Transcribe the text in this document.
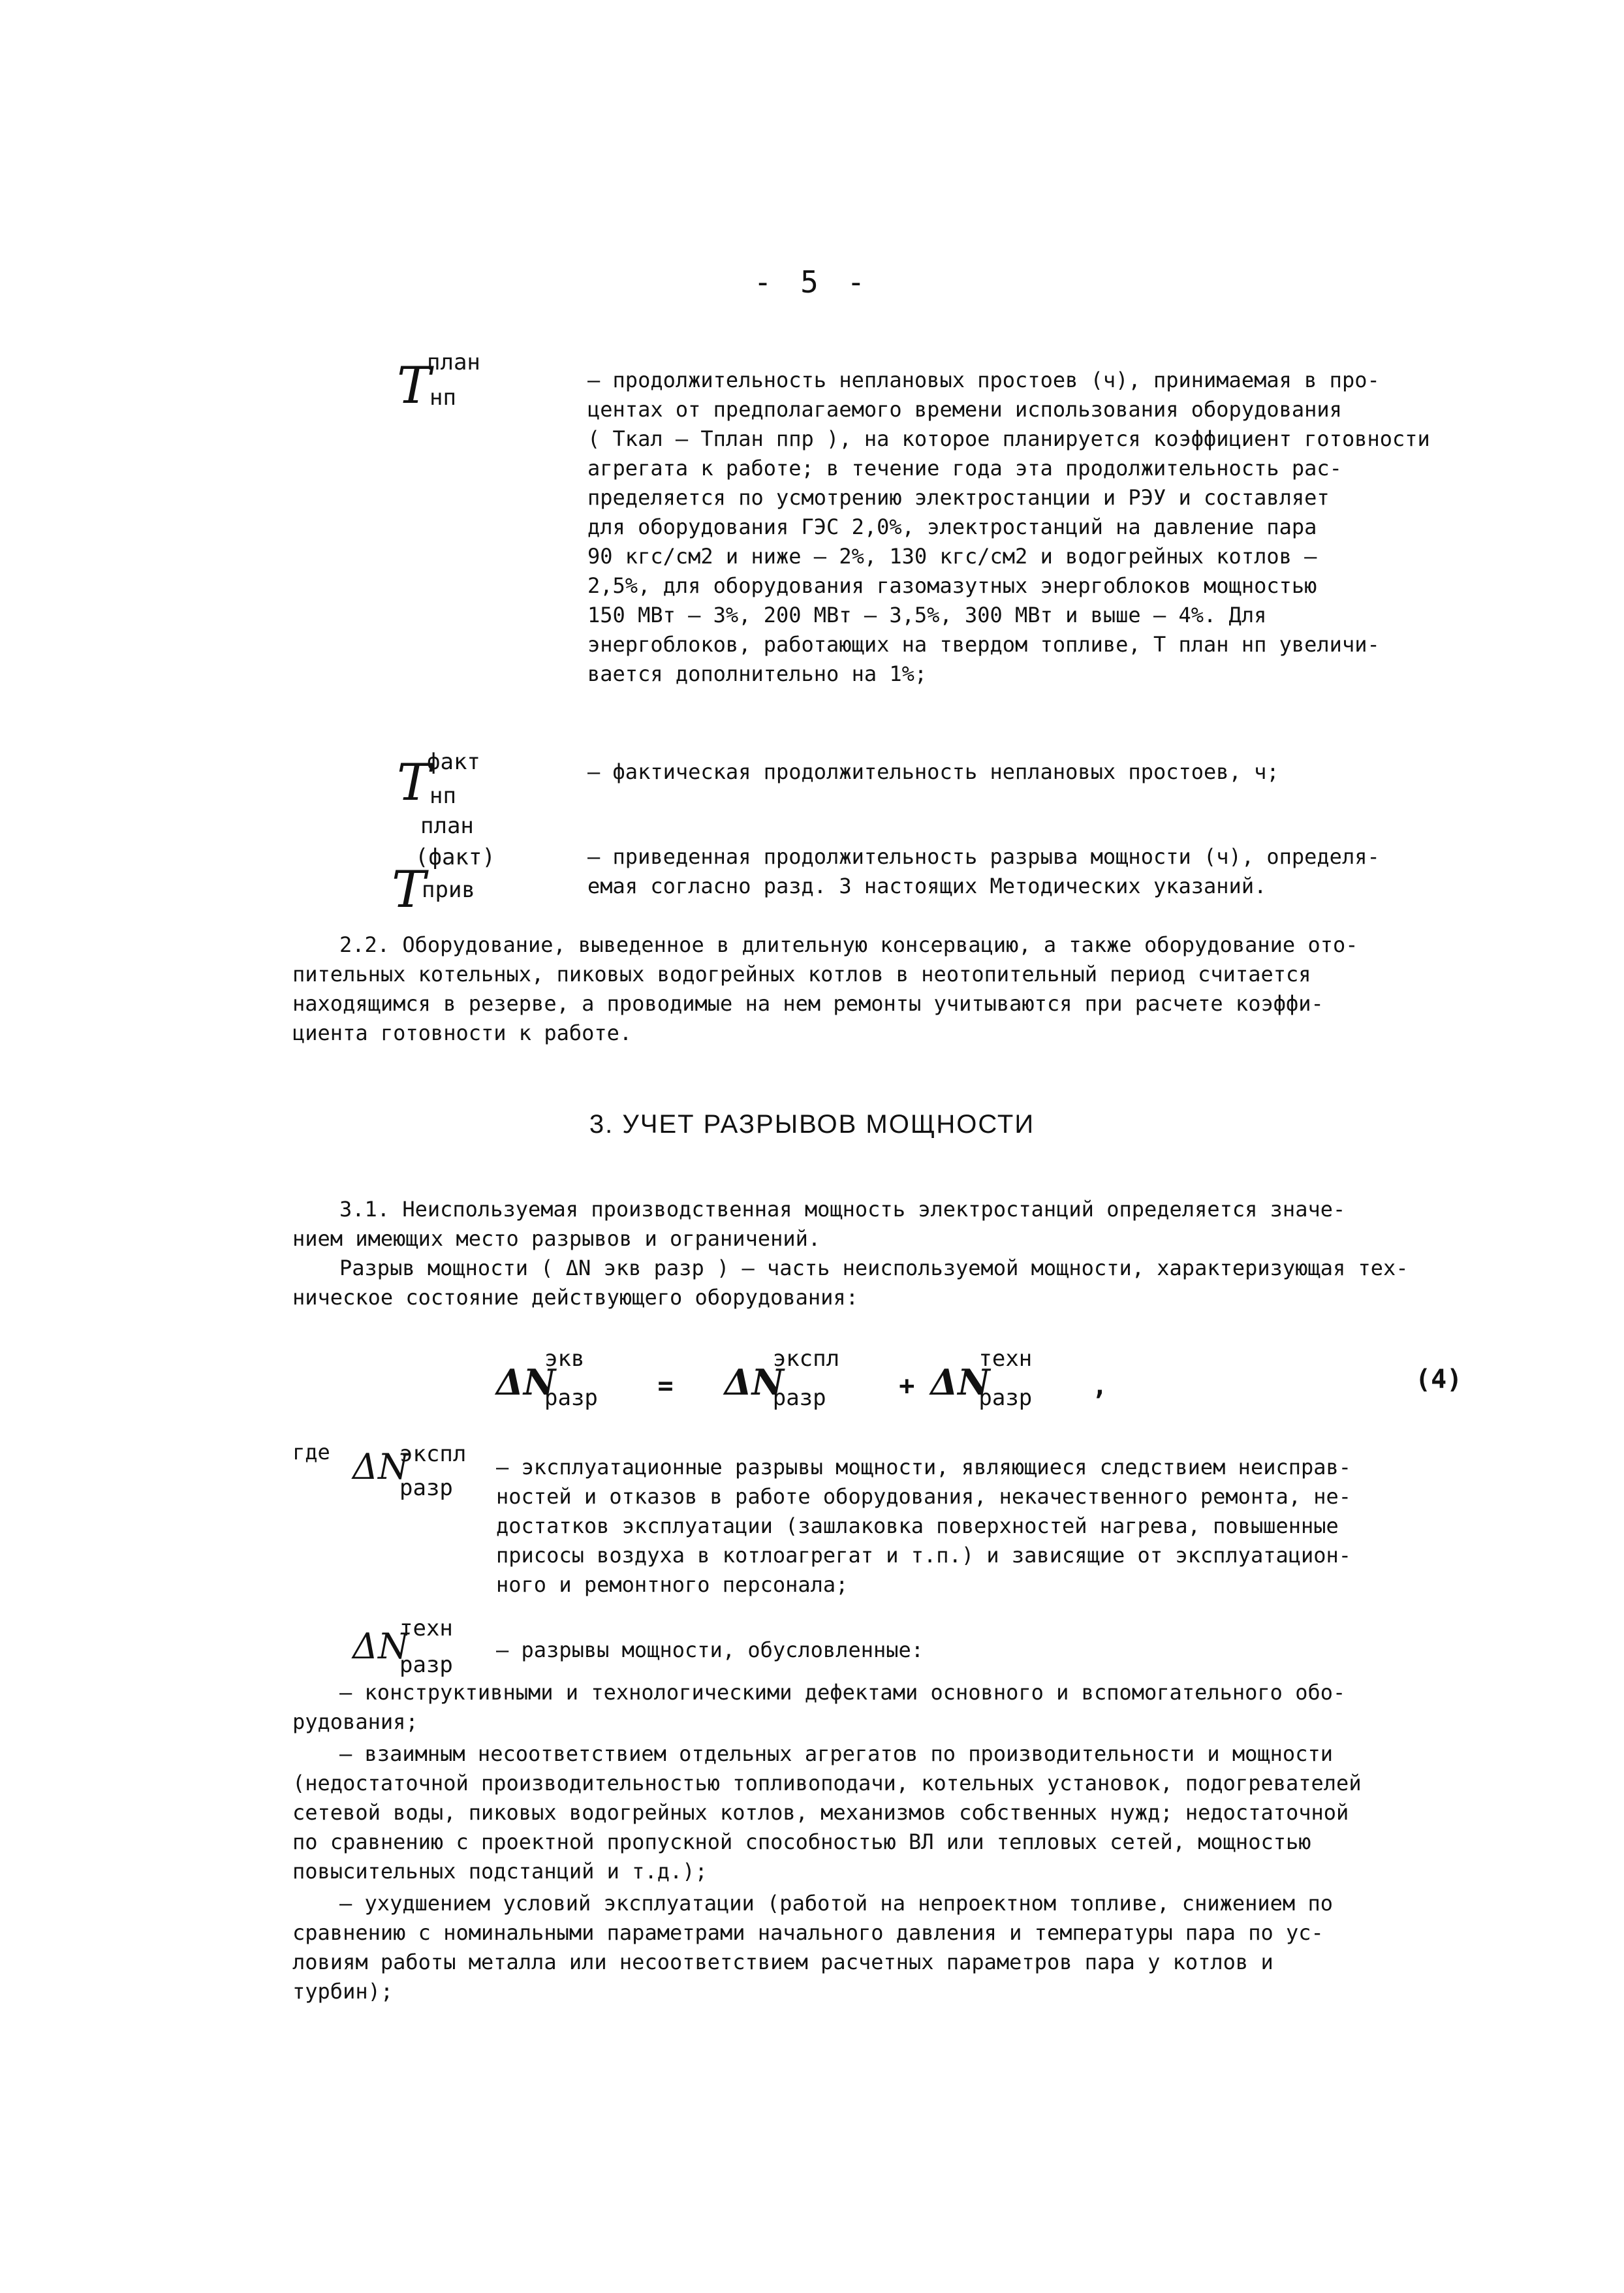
- 5 -
T
план
нп
– продолжительность неплановых простоев (ч), принимаемая в про-
центах от предполагаемого времени использования оборудования
( Tкал – Tплан ппр ), на которое планируется коэффициент готовности
агрегата к работе; в течение года эта продолжительность рас-
пределяется по усмотрению электростанции и РЭУ и составляет
для оборудования ГЭС 2,0%, электростанций на давление пара
90 кгс/см2 и ниже — 2%, 130 кгс/см2 и водогрейных котлов —
2,5%, для оборудования газомазутных энергоблоков мощностью
150 МВт — 3%, 200 МВт — 3,5%, 300 МВт и выше — 4%. Для
энергоблоков, работающих на твердом топливе, T план нп увеличи-
вается дополнительно на 1%;
T
факт
нп
– фактическая продолжительность неплановых простоев, ч;
план
(факт)
T
прив
– приведенная продолжительность разрыва мощности (ч), определя-
емая согласно разд. 3 настоящих Методических указаний.
2.2. Оборудование, выведенное в длительную консервацию, а также оборудование ото-
пительных котельных, пиковых водогрейных котлов в неотопительный период считается
находящимся в резерве, а проводимые на нем ремонты учитываются при расчете коэффи-
циента готовности к работе.
3. УЧЕТ РАЗРЫВОВ МОЩНОСТИ
3.1. Неиспользуемая производственная мощность электростанций определяется значе-
нием имеющих место разрывов и ограничений.
Разрыв мощности ( ΔN экв разр ) – часть неиспользуемой мощности, характеризующая тех-
ническое состояние действующего оборудования:
ΔN
экв
разр = ΔN
экспл
разр	+ ΔN
техн
разр ,	(4)
где ΔN
экспл
разр
– эксплуатационные разрывы мощности, являющиеся следствием неисправ-
ностей и отказов в работе оборудования, некачественного ремонта, не-
достатков эксплуатации (зашлаковка поверхностей нагрева, повышенные
присосы воздуха в котлоагрегат и т.п.) и зависящие от эксплуатацион-
ного и ремонтного персонала;
ΔN
техн
разр
– разрывы мощности, обусловленные:
– конструктивными и технологическими дефектами основного и вспомогательного обо-
рудования;
– взаимным несоответствием отдельных агрегатов по производительности и мощности
(недостаточной производительностью топливоподачи, котельных установок, подогревателей
сетевой воды, пиковых водогрейных котлов, механизмов собственных нужд; недостаточной
по сравнению с проектной пропускной способностью ВЛ или тепловых сетей, мощностью
повысительных подстанций и т.д.);
– ухудшением условий эксплуатации (работой на непроектном топливе, снижением по
сравнению с номинальными параметрами начального давления и температуры пара по ус-
ловиям работы металла или несоответствием расчетных параметров пара у котлов и
турбин);
